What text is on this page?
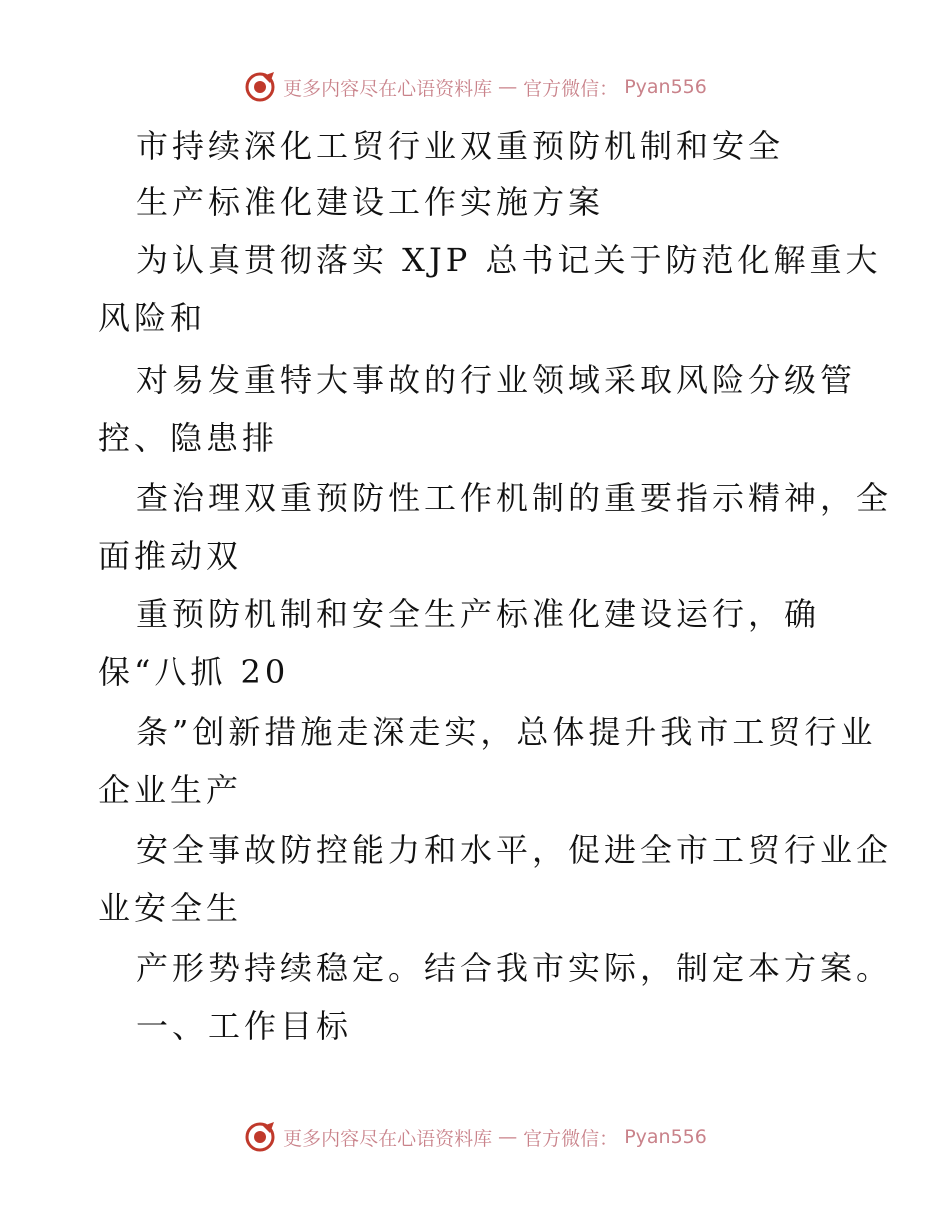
更多内容尽在心语资料库 — 官方微信： Pyan556
市持续深化工贸行业双重预防机制和安全
生产标准化建设工作实施方案
为认真贯彻落实 XJP 总书记关于防范化解重大
风险和
对易发重特大事故的行业领域采取风险分级管
控、隐患排
查治理双重预防性工作机制的重要指示精神，全
面推动双
重预防机制和安全生产标准化建设运行，确
保“八抓 20
条”创新措施走深走实，总体提升我市工贸行业
企业生产
安全事故防控能力和水平，促进全市工贸行业企
业安全生
产形势持续稳定。结合我市实际，制定本方案。
一、工作目标
更多内容尽在心语资料库 — 官方微信： Pyan556
